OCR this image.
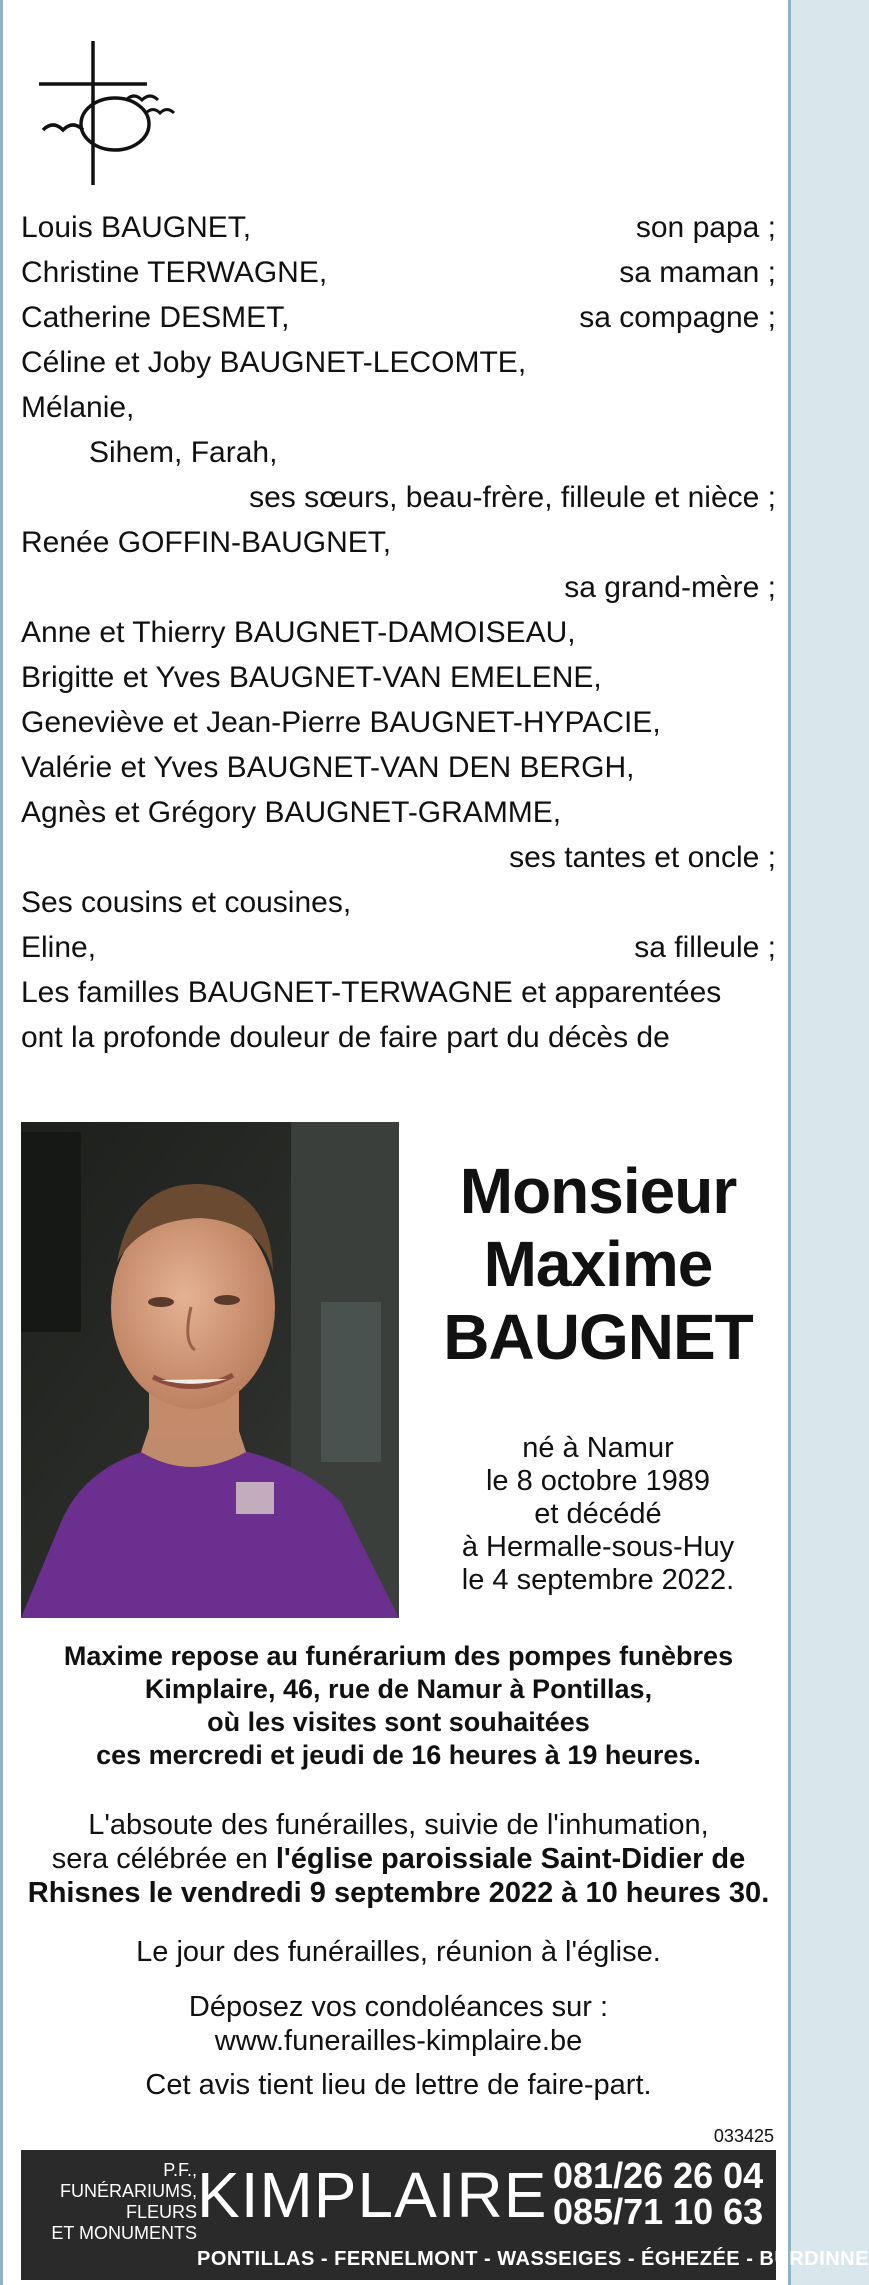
Louis BAUGNET,	son papa ;
Christine TERWAGNE,	sa maman ;
Catherine DESMET,	sa compagne ;
Céline et Joby BAUGNET-LECOMTE,
Mélanie,
Sihem, Farah,
ses sœurs, beau-frère, filleule et nièce ;
Renée GOFFIN-BAUGNET,
sa grand-mère ;
Anne et Thierry BAUGNET-DAMOISEAU,
Brigitte et Yves BAUGNET-VAN EMELENE,
Geneviève et Jean-Pierre BAUGNET-HYPACIE,
Valérie et Yves BAUGNET-VAN DEN BERGH,
Agnès et Grégory BAUGNET-GRAMME,
ses tantes et oncle ;
Ses cousins et cousines,
Eline,	sa filleule ;
Les familles BAUGNET-TERWAGNE et apparentées
ont la profonde douleur de faire part du décès de
Monsieur
Maxime
BAUGNET
né à Namur
le 8 octobre 1989
et décédé
à Hermalle-sous-Huy
le 4 septembre 2022.
Maxime repose au funérarium des pompes funèbres
Kimplaire, 46, rue de Namur à Pontillas,
où les visites sont souhaitées
ces mercredi et jeudi de 16 heures à 19 heures.
L'absoute des funérailles, suivie de l'inhumation,
sera célébrée en l'église paroissiale Saint-Didier de
Rhisnes le vendredi 9 septembre 2022 à 10 heures 30.
Le jour des funérailles, réunion à l'église.
Déposez vos condoléances sur :
www.funerailles-kimplaire.be
Cet avis tient lieu de lettre de faire-part.
033425
P.F.,
FUNÉRARIUMS,
FLEURS
ET MONUMENTS
KIMPLAIRE 081/26 26 04
085/71 10 63
PONTILLAS - FERNELMONT - WASSEIGES - ÉGHEZÉE - BURDINNE
